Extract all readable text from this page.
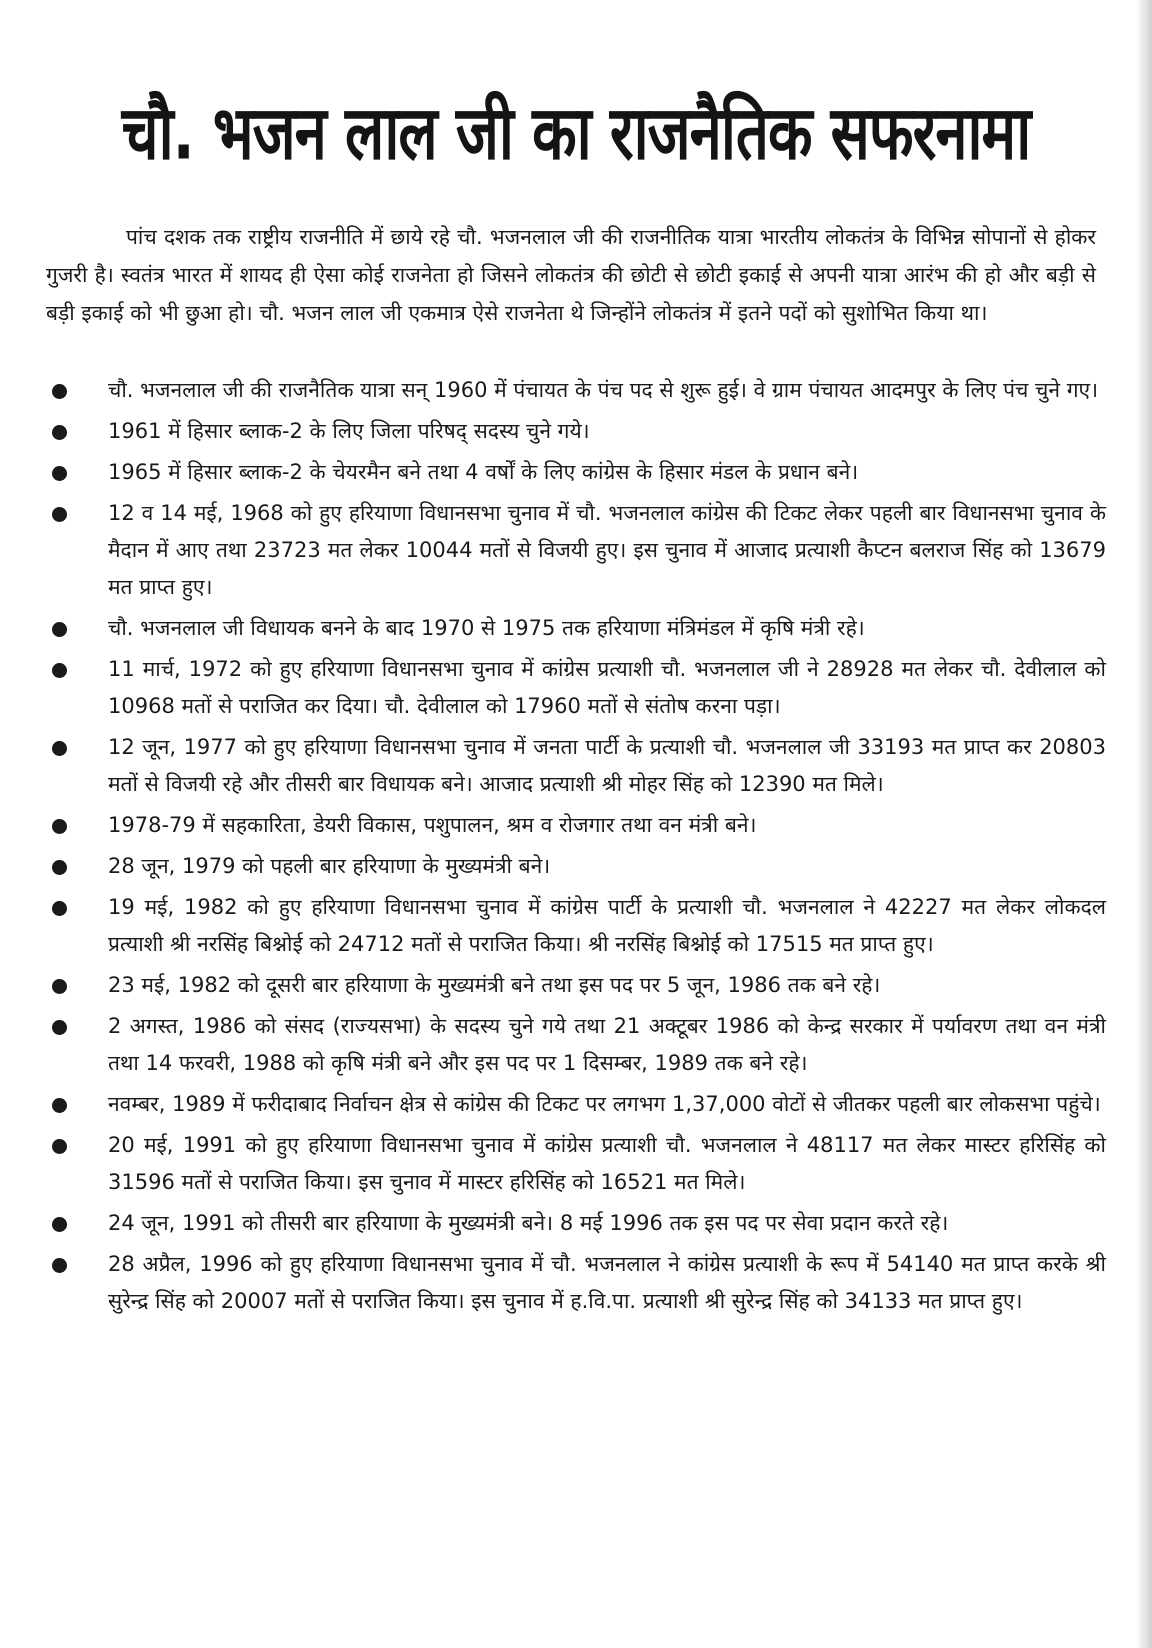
चौ. भजन लाल जी का राजनैतिक सफरनामा

पांच दशक तक राष्ट्रीय राजनीति में छाये रहे चौ. भजनलाल जी की राजनीतिक यात्रा भारतीय लोकतंत्र के विभिन्न सोपानों से होकर गुजरी है। स्वतंत्र भारत में शायद ही ऐसा कोई राजनेता हो जिसने लोकतंत्र की छोटी से छोटी इकाई से अपनी यात्रा आरंभ की हो और बड़ी से बड़ी इकाई को भी छुआ हो। चौ. भजन लाल जी एकमात्र ऐसे राजनेता थे जिन्होंने लोकतंत्र में इतने पदों को सुशोभित किया था।

चौ. भजनलाल जी की राजनैतिक यात्रा सन् 1960 में पंचायत के पंच पद से शुरू हुई। वे ग्राम पंचायत आदमपुर के लिए पंच चुने गए।
1961 में हिसार ब्लाक-2 के लिए जिला परिषद् सदस्य चुने गये।
1965 में हिसार ब्लाक-2 के चेयरमैन बने तथा 4 वर्षों के लिए कांग्रेस के हिसार मंडल के प्रधान बने।
12 व 14 मई, 1968 को हुए हरियाणा विधानसभा चुनाव में चौ. भजनलाल कांग्रेस की टिकट लेकर पहली बार विधानसभा चुनाव के मैदान में आए तथा 23723 मत लेकर 10044 मतों से विजयी हुए। इस चुनाव में आजाद प्रत्याशी कैप्टन बलराज सिंह को 13679 मत प्राप्त हुए।
चौ. भजनलाल जी विधायक बनने के बाद 1970 से 1975 तक हरियाणा मंत्रिमंडल में कृषि मंत्री रहे।
11 मार्च, 1972 को हुए हरियाणा विधानसभा चुनाव में कांग्रेस प्रत्याशी चौ. भजनलाल जी ने 28928 मत लेकर चौ. देवीलाल को 10968 मतों से पराजित कर दिया। चौ. देवीलाल को 17960 मतों से संतोष करना पड़ा।
12 जून, 1977 को हुए हरियाणा विधानसभा चुनाव में जनता पार्टी के प्रत्याशी चौ. भजनलाल जी 33193 मत प्राप्त कर 20803 मतों से विजयी रहे और तीसरी बार विधायक बने। आजाद प्रत्याशी श्री मोहर सिंह को 12390 मत मिले।
1978-79 में सहकारिता, डेयरी विकास, पशुपालन, श्रम व रोजगार तथा वन मंत्री बने।
28 जून, 1979 को पहली बार हरियाणा के मुख्यमंत्री बने।
19 मई, 1982 को हुए हरियाणा विधानसभा चुनाव में कांग्रेस पार्टी के प्रत्याशी चौ. भजनलाल ने 42227 मत लेकर लोकदल प्रत्याशी श्री नरसिंह बिश्नोई को 24712 मतों से पराजित किया। श्री नरसिंह बिश्नोई को 17515 मत प्राप्त हुए।
23 मई, 1982 को दूसरी बार हरियाणा के मुख्यमंत्री बने तथा इस पद पर 5 जून, 1986 तक बने रहे।
2 अगस्त, 1986 को संसद (राज्यसभा) के सदस्य चुने गये तथा 21 अक्टूबर 1986 को केन्द्र सरकार में पर्यावरण तथा वन मंत्री तथा 14 फरवरी, 1988 को कृषि मंत्री बने और इस पद पर 1 दिसम्बर, 1989 तक बने रहे।
नवम्बर, 1989 में फरीदाबाद निर्वाचन क्षेत्र से कांग्रेस की टिकट पर लगभग 1,37,000 वोटों से जीतकर पहली बार लोकसभा पहुंचे।
20 मई, 1991 को हुए हरियाणा विधानसभा चुनाव में कांग्रेस प्रत्याशी चौ. भजनलाल ने 48117 मत लेकर मास्टर हरिसिंह को 31596 मतों से पराजित किया। इस चुनाव में मास्टर हरिसिंह को 16521 मत मिले।
24 जून, 1991 को तीसरी बार हरियाणा के मुख्यमंत्री बने। 8 मई 1996 तक इस पद पर सेवा प्रदान करते रहे।
28 अप्रैल, 1996 को हुए हरियाणा विधानसभा चुनाव में चौ. भजनलाल ने कांग्रेस प्रत्याशी के रूप में 54140 मत प्राप्त करके श्री सुरेन्द्र सिंह को 20007 मतों से पराजित किया। इस चुनाव में ह.वि.पा. प्रत्याशी श्री सुरेन्द्र सिंह को 34133 मत प्राप्त हुए।
